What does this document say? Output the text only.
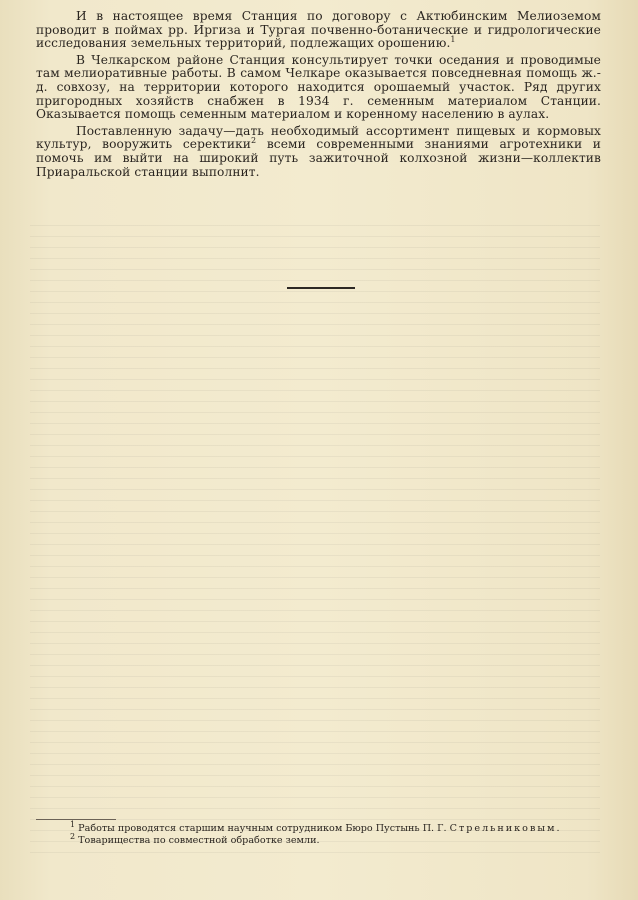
И в настоящее время Станция по договору с Актюбинским Мелиоземом проводит в поймах рр. Иргиза и Тургая почвенно-ботанические и гидрологические исследования земельных территорий, подлежащих орошению.$^1$

В Челкарском районе Станция консультирует точки оседания и проводимые там мелиоративные работы. В самом Челкаре оказывается повседневная помощь ж.-д. совхозу, на территории которого находится орошаемый участок. Ряд других пригородных хозяйств снабжен в 1934 г. семенным материалом Станции. Оказывается помощь семенным материалом и коренному населению в аулах.

Поставленную задачу—дать необходимый ассортимент пищевых и кормовых культур, вооружить серектики$^2$ всеми современными знаниями агротехники и помочь им выйти на широкий путь зажиточной колхозной жизни—коллектив Приаральской станции выполнит.

$^1$ Работы проводятся старшим научным сотрудником Бюро Пустынь П. Г. Стрельниковым.

$^2$ Товарищества по совместной обработке земли.
